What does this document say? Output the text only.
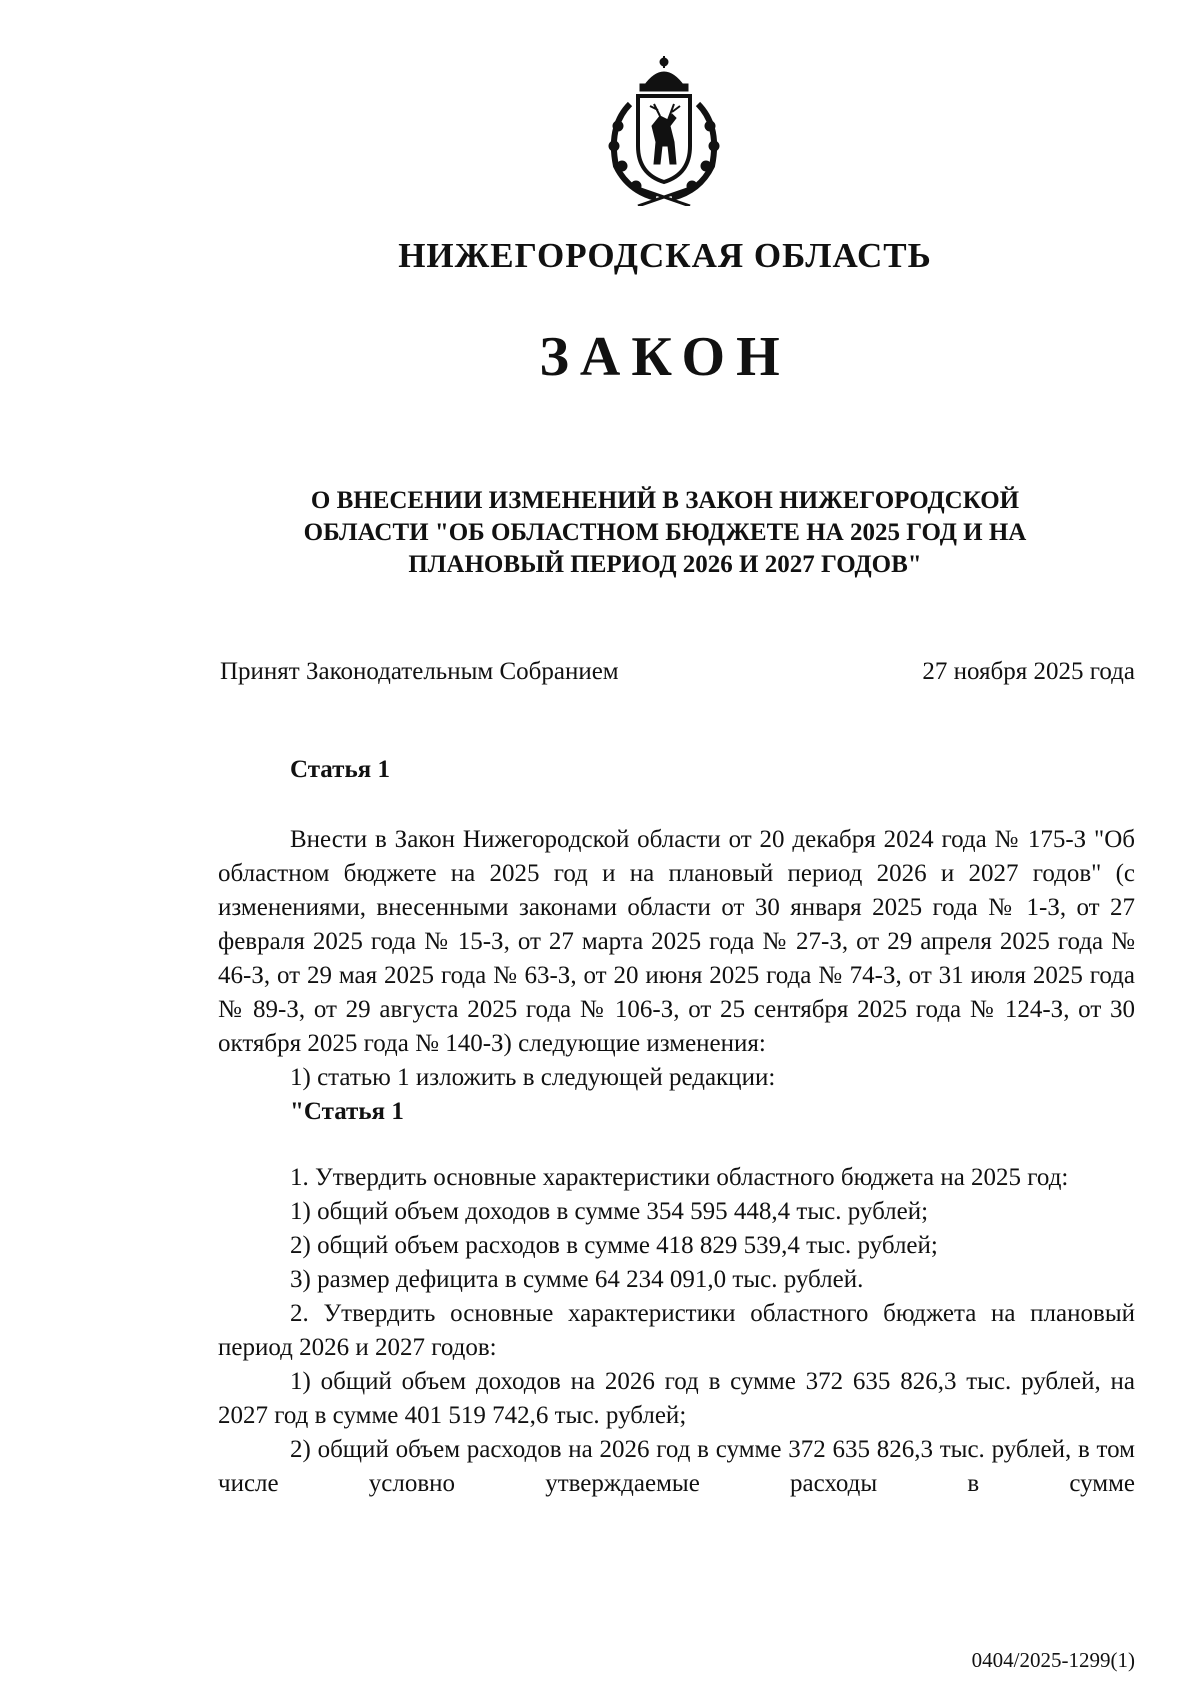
НИЖЕГОРОДСКАЯ ОБЛАСТЬ
ЗАКОН
О ВНЕСЕНИИ ИЗМЕНЕНИЙ В ЗАКОН НИЖЕГОРОДСКОЙ
ОБЛАСТИ "ОБ ОБЛАСТНОМ БЮДЖЕТЕ НА 2025 ГОД И НА
ПЛАНОВЫЙ ПЕРИОД 2026 И 2027 ГОДОВ"
Принят Законодательным Собранием	27 ноября 2025 года
Статья 1

Внести в Закон Нижегородской области от 20 декабря 2024 года № 175-З "Об областном бюджете на 2025 год и на плановый период 2026 и 2027 годов" (с изменениями, внесенными законами области от 30 января 2025 года № 1-З, от 27 февраля 2025 года № 15-З, от 27 марта 2025 года № 27-З, от 29 апреля 2025 года № 46-З, от 29 мая 2025 года № 63-З, от 20 июня 2025 года № 74-З, от 31 июля 2025 года № 89-З, от 29 августа 2025 года № 106-З, от 25 сентября 2025 года № 124-З, от 30 октября 2025 года № 140-З) следующие изменения:

1) статью 1 изложить в следующей редакции:

"Статья 1

1. Утвердить основные характеристики областного бюджета на 2025 год:

1) общий объем доходов в сумме 354 595 448,4 тыс. рублей;

2) общий объем расходов в сумме 418 829 539,4 тыс. рублей;

3) размер дефицита в сумме 64 234 091,0 тыс. рублей.

2. Утвердить основные характеристики областного бюджета на плановый период 2026 и 2027 годов:

1) общий объем доходов на 2026 год в сумме 372 635 826,3 тыс. рублей, на 2027 год в сумме 401 519 742,6 тыс. рублей;

2) общий объем расходов на 2026 год в сумме 372 635 826,3 тыс. рублей, в том числе условно утверждаемые расходы в сумме

0404/2025-1299(1)
